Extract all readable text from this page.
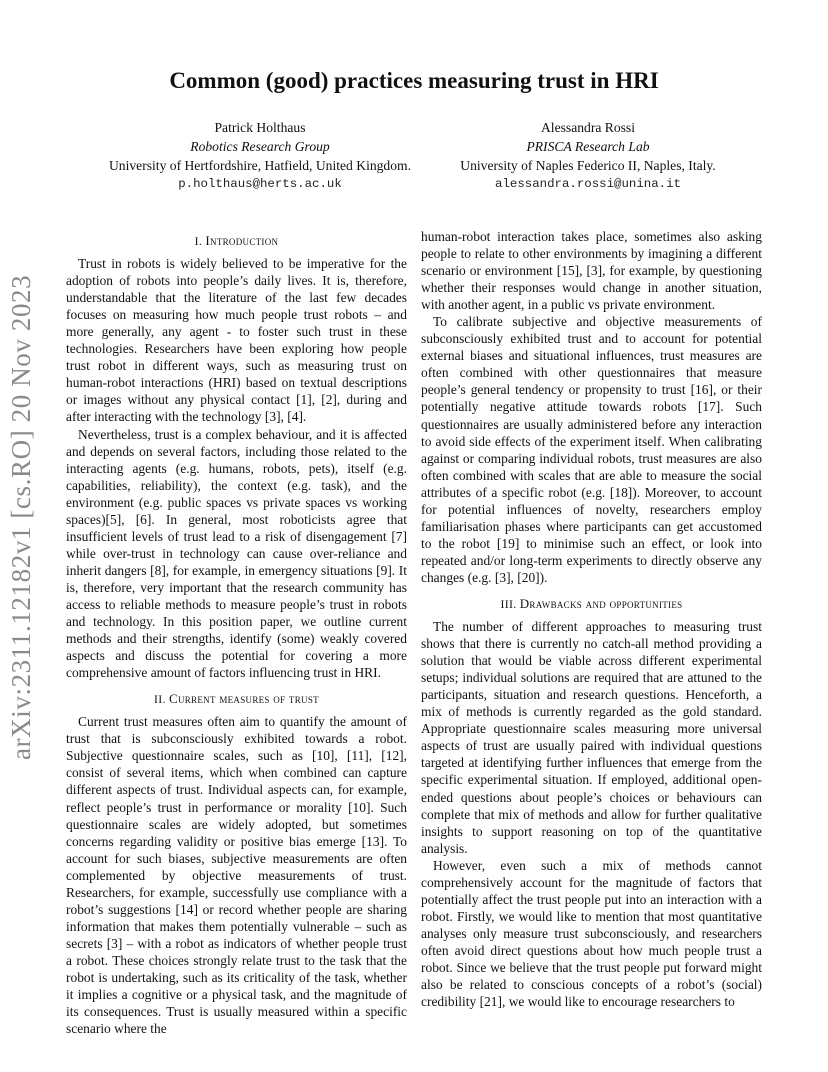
arXiv:2311.12182v1 [cs.RO] 20 Nov 2023
Common (good) practices measuring trust in HRI
Patrick Holthaus
Robotics Research Group
University of Hertfordshire, Hatfield, United Kingdom.
p.holthaus@herts.ac.uk
Alessandra Rossi
PRISCA Research Lab
University of Naples Federico II, Naples, Italy.
alessandra.rossi@unina.it
I. Introduction

Trust in robots is widely believed to be imperative for the adoption of robots into people’s daily lives. It is, therefore, understandable that the literature of the last few decades focuses on measuring how much people trust robots – and more generally, any agent - to foster such trust in these technologies. Researchers have been exploring how people trust robot in different ways, such as measuring trust on human-robot interactions (HRI) based on textual descriptions or images without any physical contact [1], [2], during and after interacting with the technology [3], [4].

Nevertheless, trust is a complex behaviour, and it is affected and depends on several factors, including those related to the interacting agents (e.g. humans, robots, pets), itself (e.g. capabilities, reliability), the context (e.g. task), and the environment (e.g. public spaces vs private spaces vs working spaces)[5], [6]. In general, most roboticists agree that insufficient levels of trust lead to a risk of disengagement [7] while over-trust in technology can cause over-reliance and inherit dangers [8], for example, in emergency situations [9]. It is, therefore, very important that the research community has access to reliable methods to measure people’s trust in robots and technology. In this position paper, we outline current methods and their strengths, identify (some) weakly covered aspects and discuss the potential for covering a more comprehensive amount of factors influencing trust in HRI.

II. Current measures of trust

Current trust measures often aim to quantify the amount of trust that is subconsciously exhibited towards a robot. Subjective questionnaire scales, such as [10], [11], [12], consist of several items, which when combined can capture different aspects of trust. Individual aspects can, for example, reflect people’s trust in performance or morality [10]. Such questionnaire scales are widely adopted, but sometimes concerns regarding validity or positive bias emerge [13]. To account for such biases, subjective measurements are often complemented by objective measurements of trust. Researchers, for example, successfully use compliance with a robot’s suggestions [14] or record whether people are sharing information that makes them potentially vulnerable – such as secrets [3] – with a robot as indicators of whether people trust a robot. These choices strongly relate trust to the task that the robot is undertaking, such as its criticality of the task, whether it implies a cognitive or a physical task, and the magnitude of its consequences. Trust is usually measured within a specific scenario where the

human-robot interaction takes place, sometimes also asking people to relate to other environments by imagining a different scenario or environment [15], [3], for example, by questioning whether their responses would change in another situation, with another agent, in a public vs private environment.

To calibrate subjective and objective measurements of subconsciously exhibited trust and to account for potential external biases and situational influences, trust measures are often combined with other questionnaires that measure people’s general tendency or propensity to trust [16], or their potentially negative attitude towards robots [17]. Such questionnaires are usually administered before any interaction to avoid side effects of the experiment itself. When calibrating against or comparing individual robots, trust measures are also often combined with scales that are able to measure the social attributes of a specific robot (e.g. [18]). Moreover, to account for potential influences of novelty, researchers employ familiarisation phases where participants can get accustomed to the robot [19] to minimise such an effect, or look into repeated and/or long-term experiments to directly observe any changes (e.g. [3], [20]).

III. Drawbacks and opportunities

The number of different approaches to measuring trust shows that there is currently no catch-all method providing a solution that would be viable across different experimental setups; individual solutions are required that are attuned to the participants, situation and research questions. Henceforth, a mix of methods is currently regarded as the gold standard. Appropriate questionnaire scales measuring more universal aspects of trust are usually paired with individual questions targeted at identifying further influences that emerge from the specific experimental situation. If employed, additional open-ended questions about people’s choices or behaviours can complete that mix of methods and allow for further qualitative insights to support reasoning on top of the quantitative analysis.

However, even such a mix of methods cannot comprehensively account for the magnitude of factors that potentially affect the trust people put into an interaction with a robot. Firstly, we would like to mention that most quantitative analyses only measure trust subconsciously, and researchers often avoid direct questions about how much people trust a robot. Since we believe that the trust people put forward might also be related to conscious concepts of a robot’s (social) credibility [21], we would like to encourage researchers to
